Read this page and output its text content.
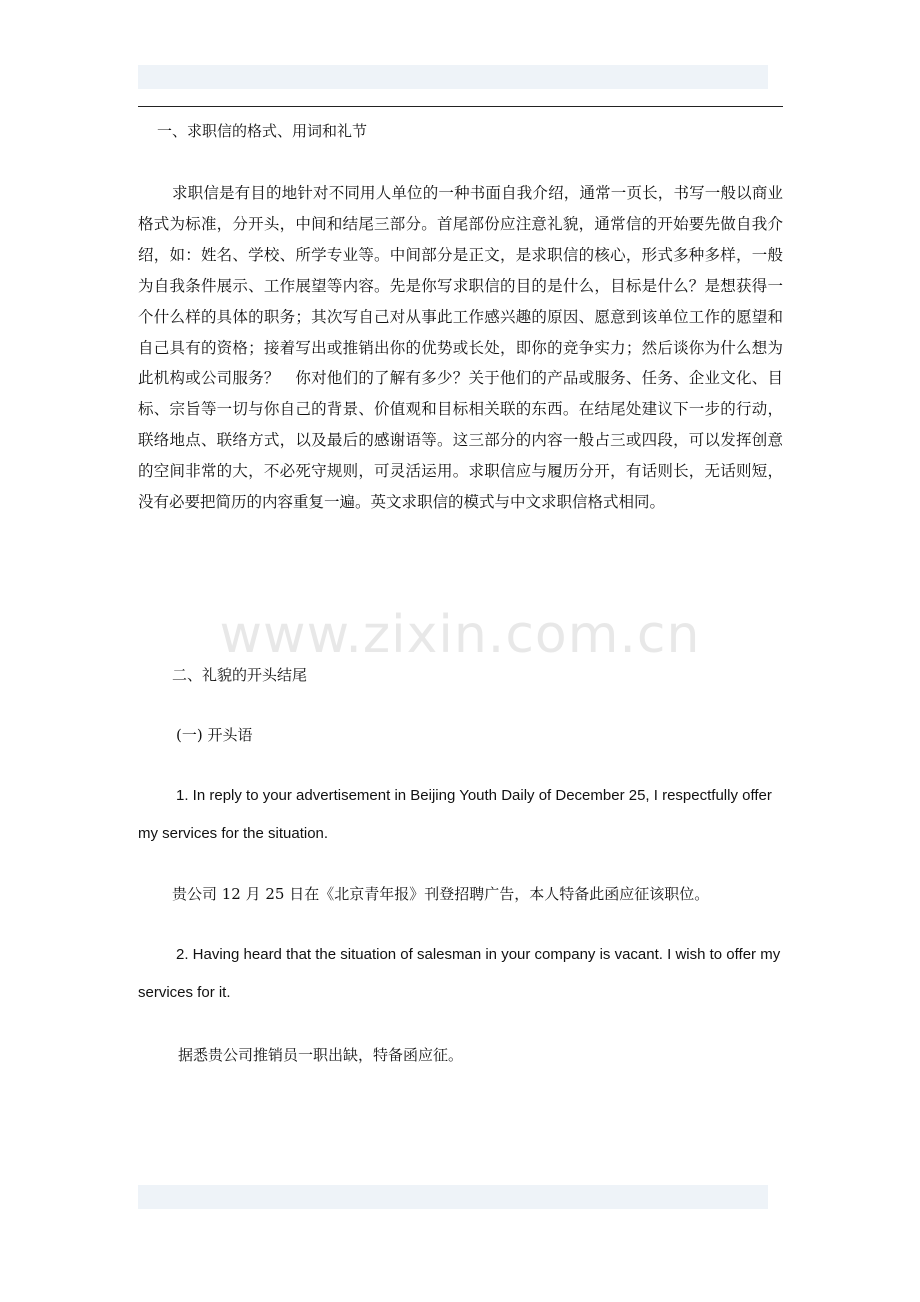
一、求职信的格式、用词和礼节
求职信是有目的地针对不同用人单位的一种书面自我介绍，通常一页长，书写一般以商业格式为标准，分开头，中间和结尾三部分。首尾部份应注意礼貌，通常信的开始要先做自我介绍，如：姓名、学校、所学专业等。中间部分是正文，是求职信的核心，形式多种多样，一般为自我条件展示、工作展望等内容。先是你写求职信的目的是什么，目标是什么？是想获得一个什么样的具体的职务；其次写自己对从事此工作感兴趣的原因、愿意到该单位工作的愿望和自己具有的资格；接着写出或推销出你的优势或长处，即你的竞争实力；然后谈你为什么想为此机构或公司服务？　你对他们的了解有多少？关于他们的产品或服务、任务、企业文化、目标、宗旨等一切与你自己的背景、价值观和目标相关联的东西。在结尾处建议下一步的行动，联络地点、联络方式，以及最后的感谢语等。这三部分的内容一般占三或四段，可以发挥创意的空间非常的大，不必死守规则，可灵活运用。求职信应与履历分开，有话则长，无话则短，没有必要把简历的内容重复一遍。英文求职信的模式与中文求职信格式相同。
www.zixin.com.cn
二、礼貌的开头结尾
(一) 开头语
1. In reply to your advertisement in Beijing Youth Daily of December 25, I respectfully offer my services for the situation.
贵公司 12 月 25 日在《北京青年报》刊登招聘广告，本人特备此函应征该职位。
2. Having heard that the situation of salesman in your company is vacant. I wish to offer my services for it.
据悉贵公司推销员一职出缺，特备函应征。
